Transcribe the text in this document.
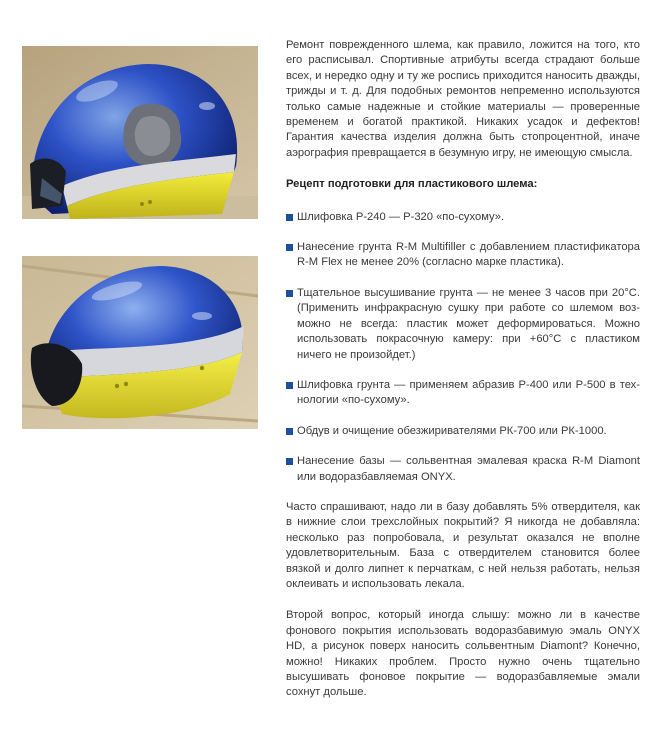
Ремонт поврежденного шлема, как правило, ложится на того, кто его расписывал. Спортивные атрибуты всегда страдают больше всех, и нередко одну и ту же роспись приходится наносить дважды, трижды и т. д. Для подобных ремонтов непременно используются только самые надежные и стойкие материалы — проверенные временем и богатой практикой. Никаких усадок и дефектов! Гарантия качества изделия должна быть стопроцентной, иначе аэрография превращается в безумную игру, не имеющую смысла.

Рецепт подготовки для пластикового шлема:
Шлифовка Р-240 — Р-320 «по-сухому».
Нанесение грунта R-M Multifiller с добавлением пластификатора R-M Flex не менее 20% (согласно марке пластика).
Тщательное высушивание грунта — не менее 3 часов при 20°С. (Применить инфракрасную сушку при работе со шлемом возможно не всегда: пластик может деформироваться. Можно использовать покрасочную камеру: при +60°С с пластиком ничего не произойдет.)
Шлифовка грунта — применяем абразив Р-400 или Р-500 в технологии «по-сухому».
Обдув и очищение обезжиривателями РК-700 или РК-1000.
Нанесение базы — сольвентная эмалевая краска R-M Diamont или водоразбавляемая ONYX.

Часто спрашивают, надо ли в базу добавлять 5% отвердителя, как в нижние слои трехслойных покрытий? Я никогда не добавляла: несколько раз попробовала, и результат оказался не вполне удовлетворительным. База с отвердителем становится более вязкой и долго липнет к перчаткам, с ней нельзя работать, нельзя оклеивать и использовать лекала.

Второй вопрос, который иногда слышу: можно ли в качестве фонового покрытия использовать водоразбавимую эмаль ONYX HD, а рисунок поверх наносить сольвентным Diamont? Конечно, можно! Никаких проблем. Просто нужно очень тщательно высушивать фоновое покрытие — водоразбавляемые эмали сохнут дольше.
